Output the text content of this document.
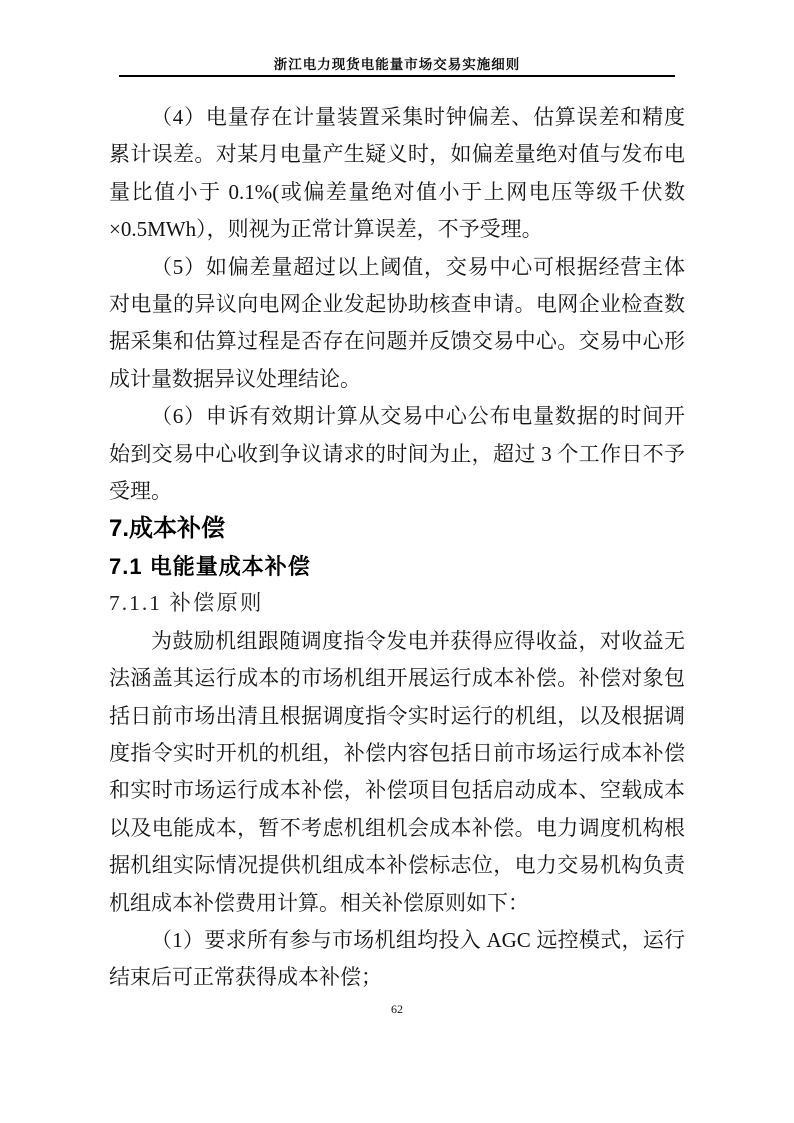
浙江电力现货电能量市场交易实施细则

（4）电量存在计量装置采集时钟偏差、估算误差和精度累计误差。对某月电量产生疑义时，如偏差量绝对值与发布电量比值小于 0.1%(或偏差量绝对值小于上网电压等级千伏数×0.5MWh），则视为正常计算误差，不予受理。

（5）如偏差量超过以上阈值，交易中心可根据经营主体对电量的异议向电网企业发起协助核查申请。电网企业检查数据采集和估算过程是否存在问题并反馈交易中心。交易中心形成计量数据异议处理结论。

（6）申诉有效期计算从交易中心公布电量数据的时间开始到交易中心收到争议请求的时间为止，超过 3 个工作日不予受理。

7.成本补偿
7.1 电能量成本补偿
7.1.1 补偿原则

为鼓励机组跟随调度指令发电并获得应得收益，对收益无法涵盖其运行成本的市场机组开展运行成本补偿。补偿对象包括日前市场出清且根据调度指令实时运行的机组，以及根据调度指令实时开机的机组，补偿内容包括日前市场运行成本补偿和实时市场运行成本补偿，补偿项目包括启动成本、空载成本以及电能成本，暂不考虑机组机会成本补偿。电力调度机构根据机组实际情况提供机组成本补偿标志位，电力交易机构负责机组成本补偿费用计算。相关补偿原则如下：

（1）要求所有参与市场机组均投入 AGC 远控模式，运行结束后可正常获得成本补偿；

62
